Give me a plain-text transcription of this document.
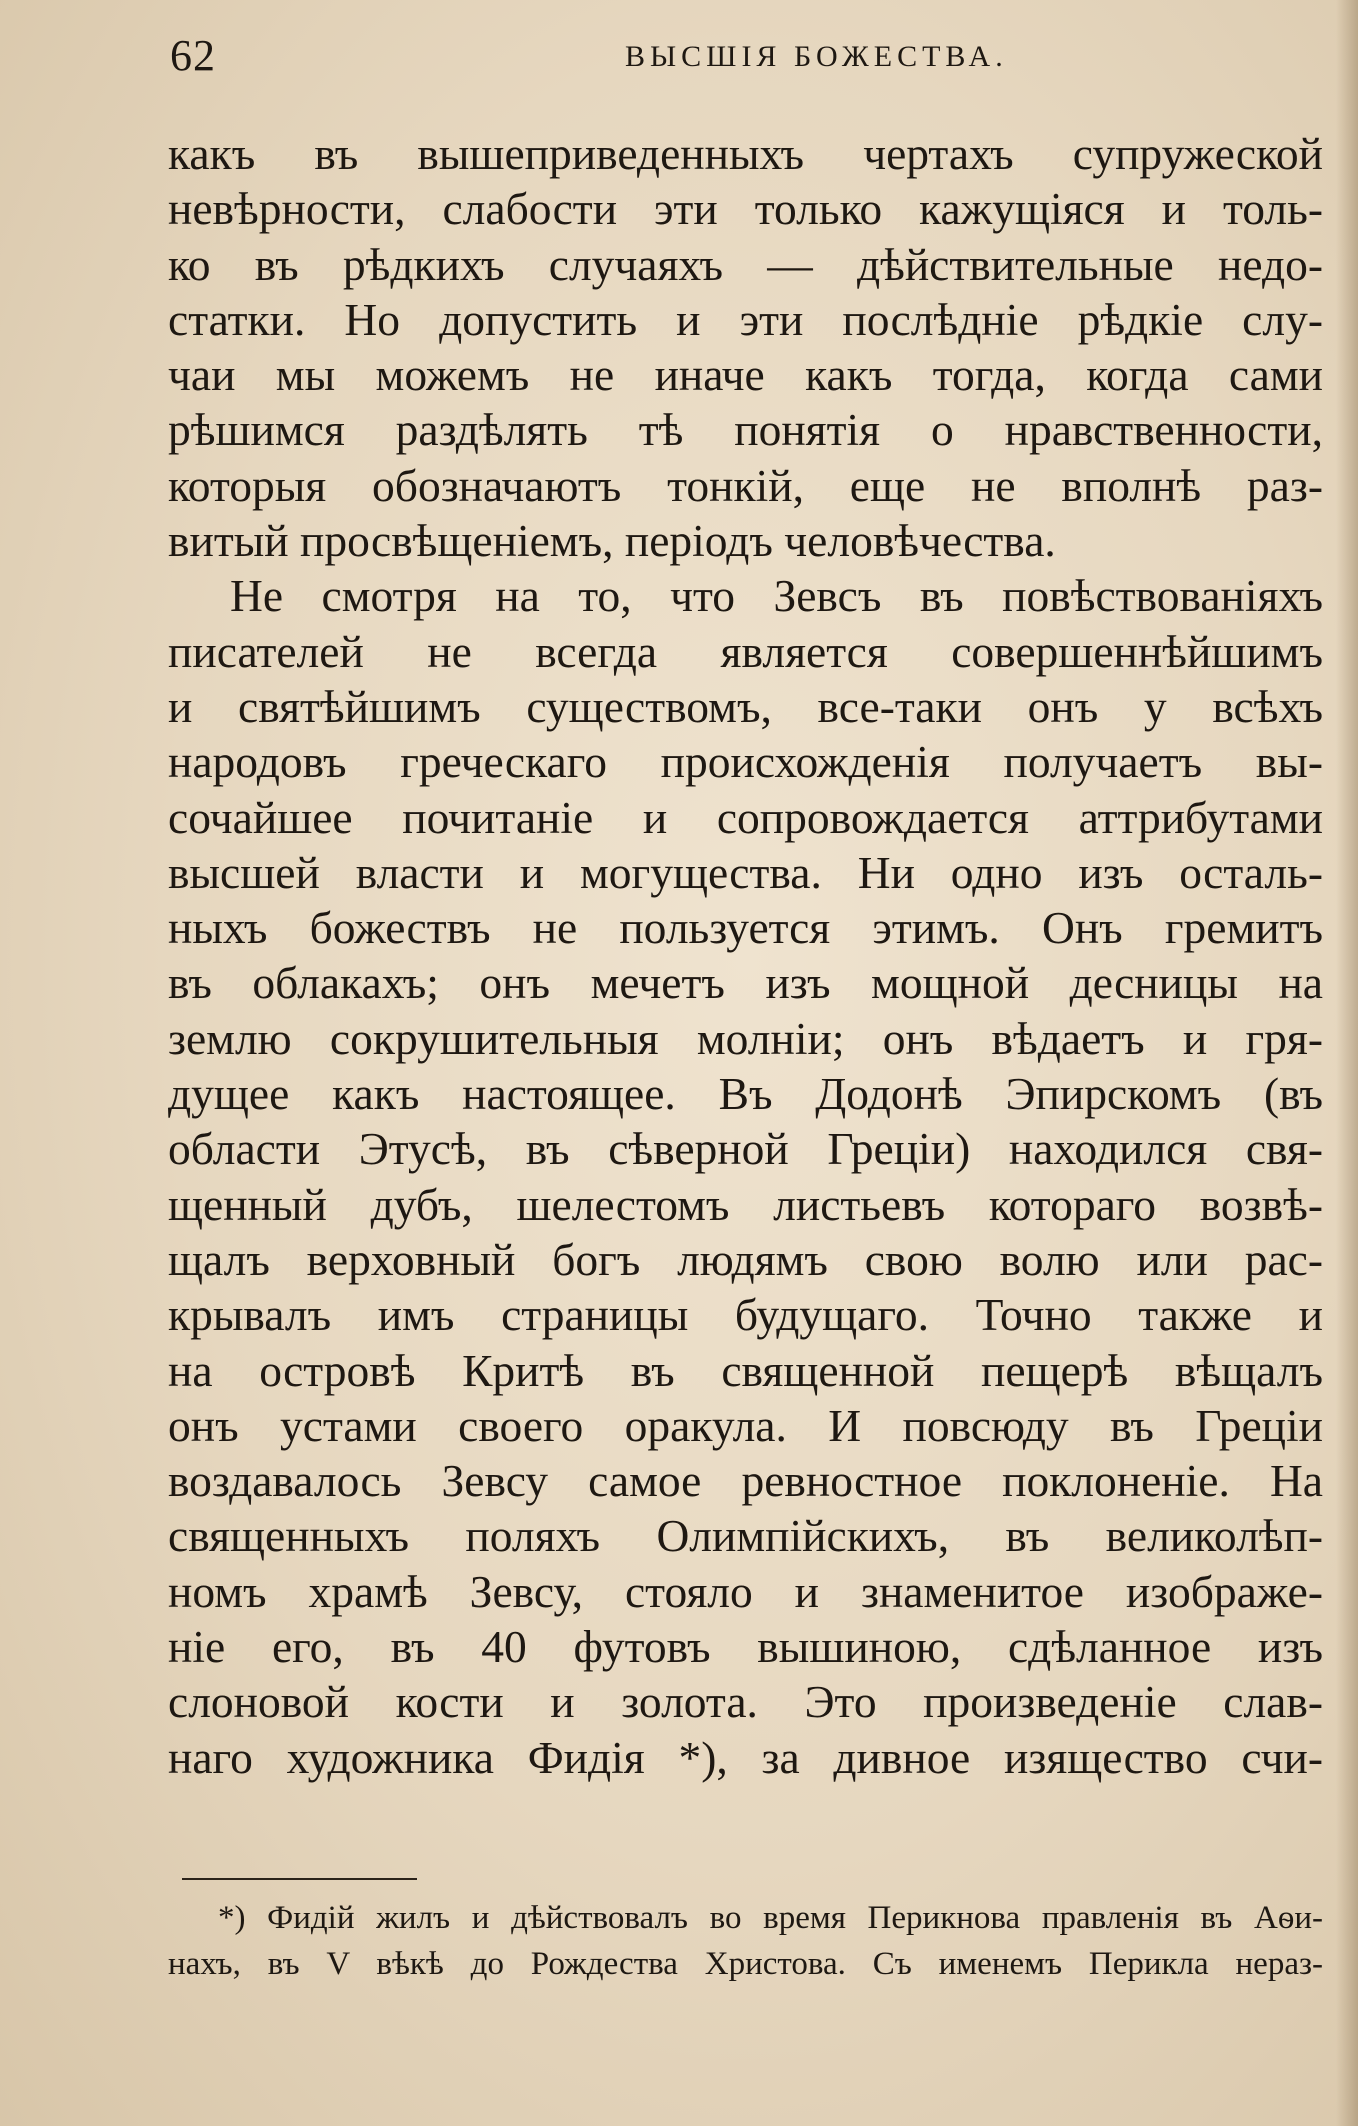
62	ВЫСШІЯ БОЖЕСТВА.
какъ въ вышеприведенныхъ чертахъ супружеской
невѣрности, слабости эти только кажущіяся и толь-
ко въ рѣдкихъ случаяхъ — дѣйствительные недо-
статки. Но допустить и эти послѣдніе рѣдкіе слу-
чаи мы можемъ не иначе какъ тогда, когда сами
рѣшимся раздѣлять тѣ понятія о нравственности,
которыя обозначаютъ тонкій, еще не вполнѣ раз-
витый просвѣщеніемъ, періодъ человѣчества.
Не смотря на то, что Зевсъ въ повѣствованіяхъ
писателей не всегда является совершеннѣйшимъ
и святѣйшимъ существомъ, все-таки онъ у всѣхъ
народовъ греческаго происхожденія получаетъ вы-
сочайшее почитаніе и сопровождается аттрибутами
высшей власти и могущества. Ни одно изъ осталь-
ныхъ божествъ не пользуется этимъ. Онъ гремитъ
въ облакахъ; онъ мечетъ изъ мощной десницы на
землю сокрушительныя молніи; онъ вѣдаетъ и гря-
дущее какъ настоящее. Въ Додонѣ Эпирскомъ (въ
области Этусѣ, въ сѣверной Греціи) находился свя-
щенный дубъ, шелестомъ листьевъ котораго возвѣ-
щалъ верховный богъ людямъ свою волю или рас-
крывалъ имъ страницы будущаго. Точно также и
на островѣ Критѣ въ священной пещерѣ вѣщалъ
онъ устами своего оракула. И повсюду въ Греціи
воздавалось Зевсу самое ревностное поклоненіе. На
священныхъ поляхъ Олимпійскихъ, въ великолѣп-
номъ храмѣ Зевсу, стояло и знаменитое изображе-
ніе его, въ 40 футовъ вышиною, сдѣланное изъ
слоновой кости и золота. Это произведеніе слав-
наго художника Фидія *), за дивное изящество счи-
*) Фидій жилъ и дѣйствовалъ во время Перикнова правленія въ Аѳи-
нахъ, въ V вѣкѣ до Рождества Христова. Съ именемъ Перикла нераз-
